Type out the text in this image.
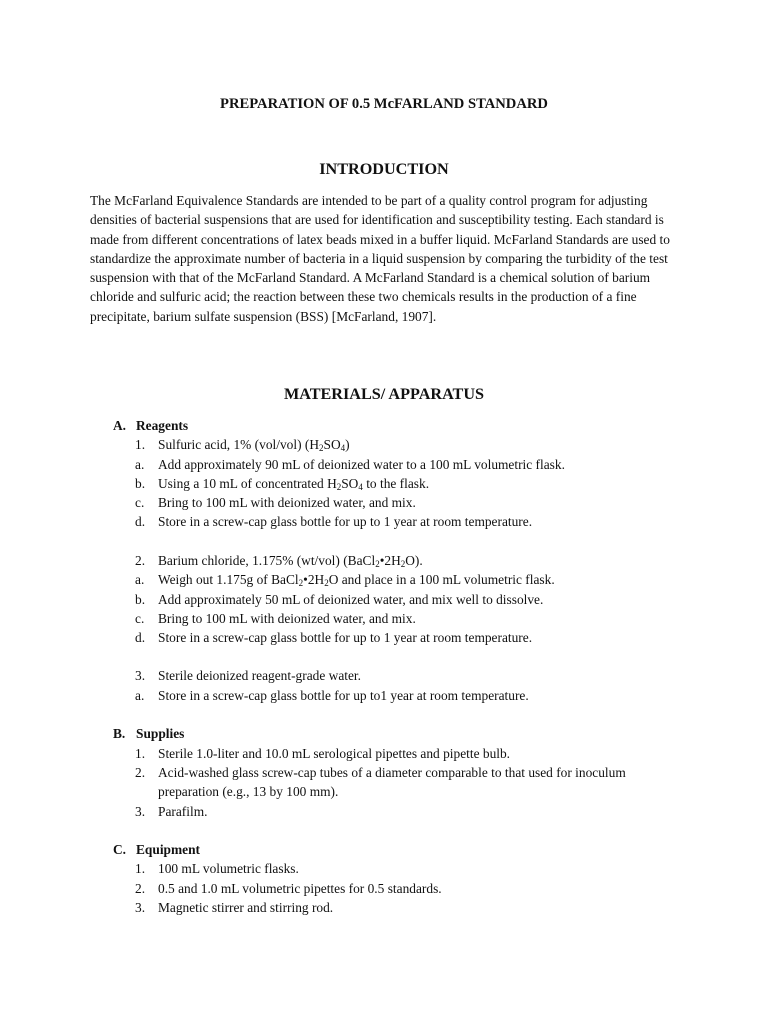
PREPARATION OF 0.5 McFARLAND STANDARD
INTRODUCTION

The McFarland Equivalence Standards are intended to be part of a quality control program for adjusting densities of bacterial suspensions that are used for identification and susceptibility testing. Each standard is made from different concentrations of latex beads mixed in a buffer liquid. McFarland Standards are used to standardize the approximate number of bacteria in a liquid suspension by comparing the turbidity of the test suspension with that of the McFarland Standard. A McFarland Standard is a chemical solution of barium chloride and sulfuric acid; the reaction between these two chemicals results in the production of a fine precipitate, barium sulfate suspension (BSS) [McFarland, 1907].

MATERIALS/ APPARATUS
A. Reagents
1. Sulfuric acid, 1% (vol/vol) $(H_2SO_4)$
a. Add approximately 90 mL of deionized water to a 100 mL volumetric flask.
b. Using a 10 mL of concentrated $H_2SO_4$ to the flask.
c. Bring to 100 mL with deionized water, and mix.
d. Store in a screw-cap glass bottle for up to 1 year at room temperature.
2. Barium chloride, 1.175% (wt/vol) $(BaCl_2•2H_2O)$.
a. Weigh out 1.175g of $BaCl_2•2H_2O$ and place in a 100 mL volumetric flask.
b. Add approximately 50 mL of deionized water, and mix well to dissolve.
c. Bring to 100 mL with deionized water, and mix.
d. Store in a screw-cap glass bottle for up to 1 year at room temperature.
3. Sterile deionized reagent-grade water.
a. Store in a screw-cap glass bottle for up to1 year at room temperature.
B. Supplies
1. Sterile 1.0-liter and 10.0 mL serological pipettes and pipette bulb.
2. Acid-washed glass screw-cap tubes of a diameter comparable to that used for inoculum preparation (e.g., 13 by 100 mm).
3. Parafilm.
C. Equipment
1. 100 mL volumetric flasks.
2. 0.5 and 1.0 mL volumetric pipettes for 0.5 standards.
3. Magnetic stirrer and stirring rod.
